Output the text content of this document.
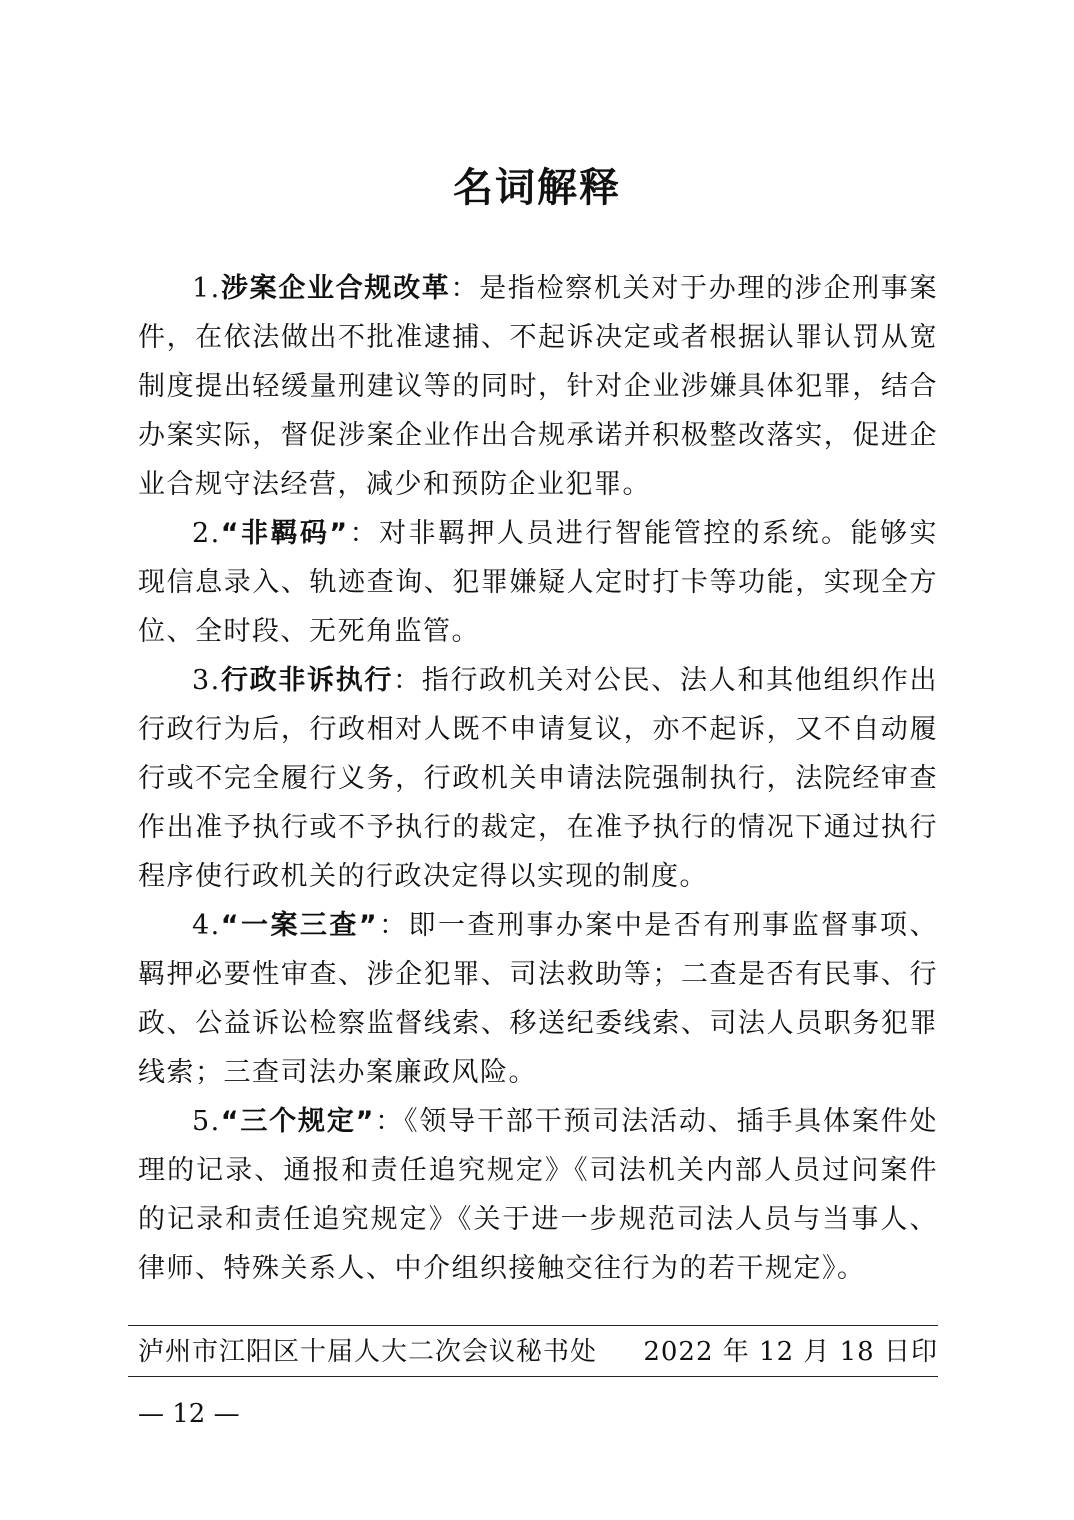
名词解释

1.涉案企业合规改革：是指检察机关对于办理的涉企刑事案件，在依法做出不批准逮捕、不起诉决定或者根据认罪认罚从宽制度提出轻缓量刑建议等的同时，针对企业涉嫌具体犯罪，结合办案实际，督促涉案企业作出合规承诺并积极整改落实，促进企业合规守法经营，减少和预防企业犯罪。

2.“非羁码”：对非羁押人员进行智能管控的系统。能够实现信息录入、轨迹查询、犯罪嫌疑人定时打卡等功能，实现全方位、全时段、无死角监管。

3.行政非诉执行：指行政机关对公民、法人和其他组织作出行政行为后，行政相对人既不申请复议，亦不起诉，又不自动履行或不完全履行义务，行政机关申请法院强制执行，法院经审查作出准予执行或不予执行的裁定，在准予执行的情况下通过执行程序使行政机关的行政决定得以实现的制度。

4.“一案三查”：即一查刑事办案中是否有刑事监督事项、羁押必要性审查、涉企犯罪、司法救助等；二查是否有民事、行政、公益诉讼检察监督线索、移送纪委线索、司法人员职务犯罪线索；三查司法办案廉政风险。

5.“三个规定”：《领导干部干预司法活动、插手具体案件处理的记录、通报和责任追究规定》《司法机关内部人员过问案件的记录和责任追究规定》《关于进一步规范司法人员与当事人、律师、特殊关系人、中介组织接触交往行为的若干规定》。

泸州市江阳区十届人大二次会议秘书处 2022 年 12 月 18 日印
— 12 —
